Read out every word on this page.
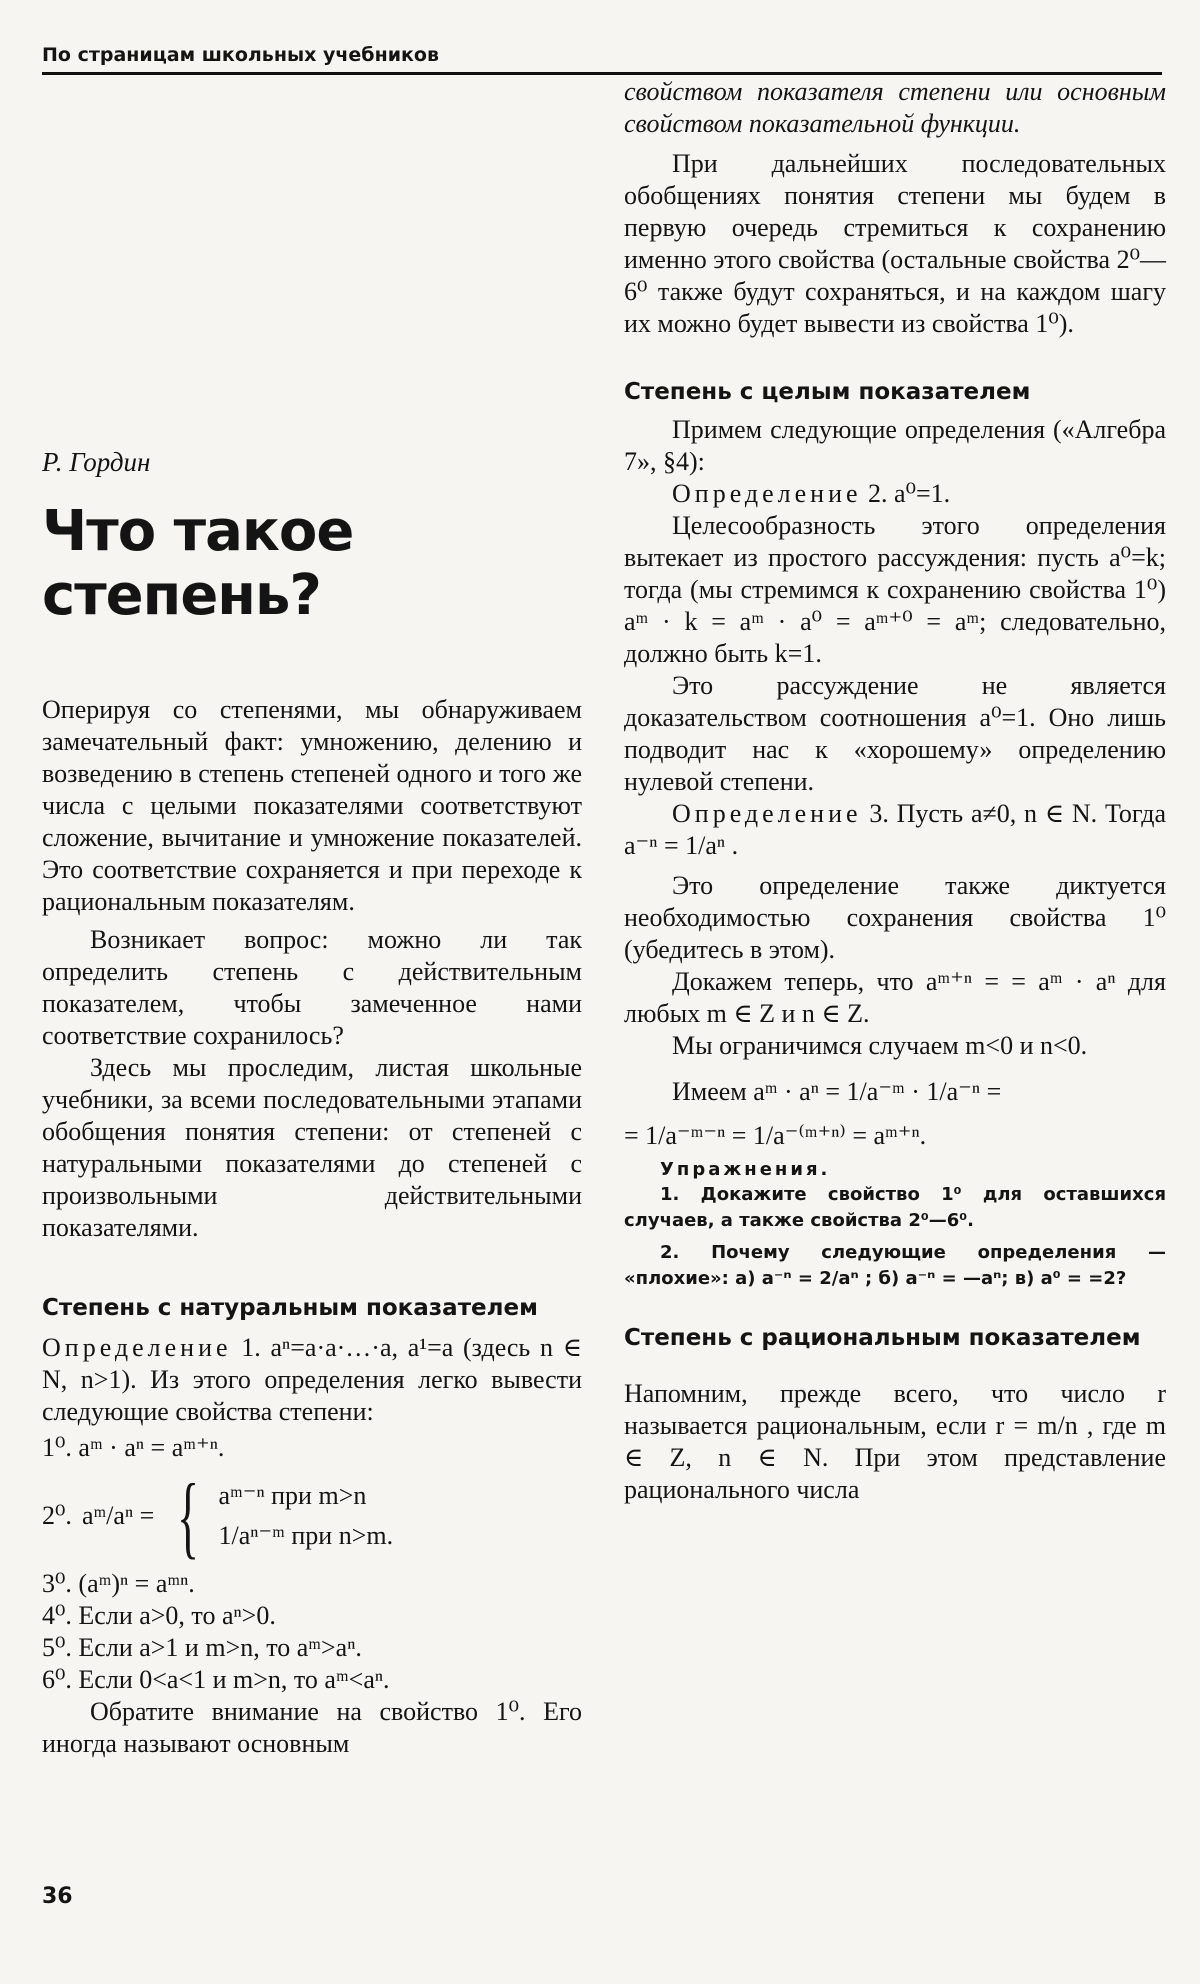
По страницам школьных учебников
Р. Гордин
Что такое степень?

Оперируя со степенями, мы обнаруживаем замечательный факт: умножению, делению и возведению в степень степеней одного и того же числа с целыми показателями соответствуют сложение, вычитание и умножение показателей. Это соответствие сохраняется и при переходе к рациональным показателям.

Возникает вопрос: можно ли так определить степень с действительным показателем, чтобы замеченное нами соответствие сохранилось?

Здесь мы проследим, листая школьные учебники, за всеми последовательными этапами обобщения понятия степени: от степеней с натуральными показателями до степеней с произвольными действительными показателями.

Степень с натуральным показателем

Определение 1. aⁿ=a·a·…·a, a¹=a (здесь n ∈ N, n>1). Из этого определения легко вывести следующие свойства степени:

1⁰. aᵐ · aⁿ = aᵐ⁺ⁿ.

2⁰. aᵐ/aⁿ = { aᵐ⁻ⁿ при m>n
1/aⁿ⁻ᵐ при n>m.

3⁰. (aᵐ)ⁿ = aᵐⁿ.

4⁰. Если a>0, то aⁿ>0.

5⁰. Если a>1 и m>n, то aᵐ>aⁿ.

6⁰. Если 0<a<1 и m>n, то aᵐ<aⁿ.

Обратите внимание на свойство 1⁰. Его иногда называют основным

свойством показателя степени или основным свойством показательной функции.

При дальнейших последовательных обобщениях понятия степени мы будем в первую очередь стремиться к сохранению именно этого свойства (остальные свойства 2⁰—6⁰ также будут сохраняться, и на каждом шагу их можно будет вывести из свойства 1⁰).

Степень с целым показателем

Примем следующие определения («Алгебра 7», §4):

Определение 2. a⁰=1.

Целесообразность этого определения вытекает из простого рассуждения: пусть a⁰=k; тогда (мы стремимся к сохранению свойства 1⁰) aᵐ · k = aᵐ · a⁰ = aᵐ⁺⁰ = aᵐ; следовательно, должно быть k=1.

Это рассуждение не является доказательством соотношения a⁰=1. Оно лишь подводит нас к «хорошему» определению нулевой степени.

Определение 3. Пусть a≠0, n ∈ N. Тогда a⁻ⁿ = 1/aⁿ .

Это определение также диктуется необходимостью сохранения свойства 1⁰ (убедитесь в этом).

Докажем теперь, что aᵐ⁺ⁿ = = aᵐ · aⁿ для любых m ∈ Z и n ∈ Z.

Мы ограничимся случаем m<0 и n<0.

Имеем aᵐ · aⁿ = 1/a⁻ᵐ · 1/a⁻ⁿ =

= 1/a⁻ᵐ⁻ⁿ = 1/a⁻⁽ᵐ⁺ⁿ⁾ = aᵐ⁺ⁿ.

Упражнения.

1. Докажите свойство 1⁰ для оставшихся случаев, а также свойства 2⁰—6⁰.

2. Почему следующие определения — «плохие»: а) a⁻ⁿ = 2/aⁿ ; б) a⁻ⁿ = —aⁿ; в) a⁰ = =2?

Степень с рациональным показателем

Напомним, прежде всего, что число r называется рациональным, если r = m/n , где m ∈ Z, n ∈ N. При этом представление рационального числа

36
